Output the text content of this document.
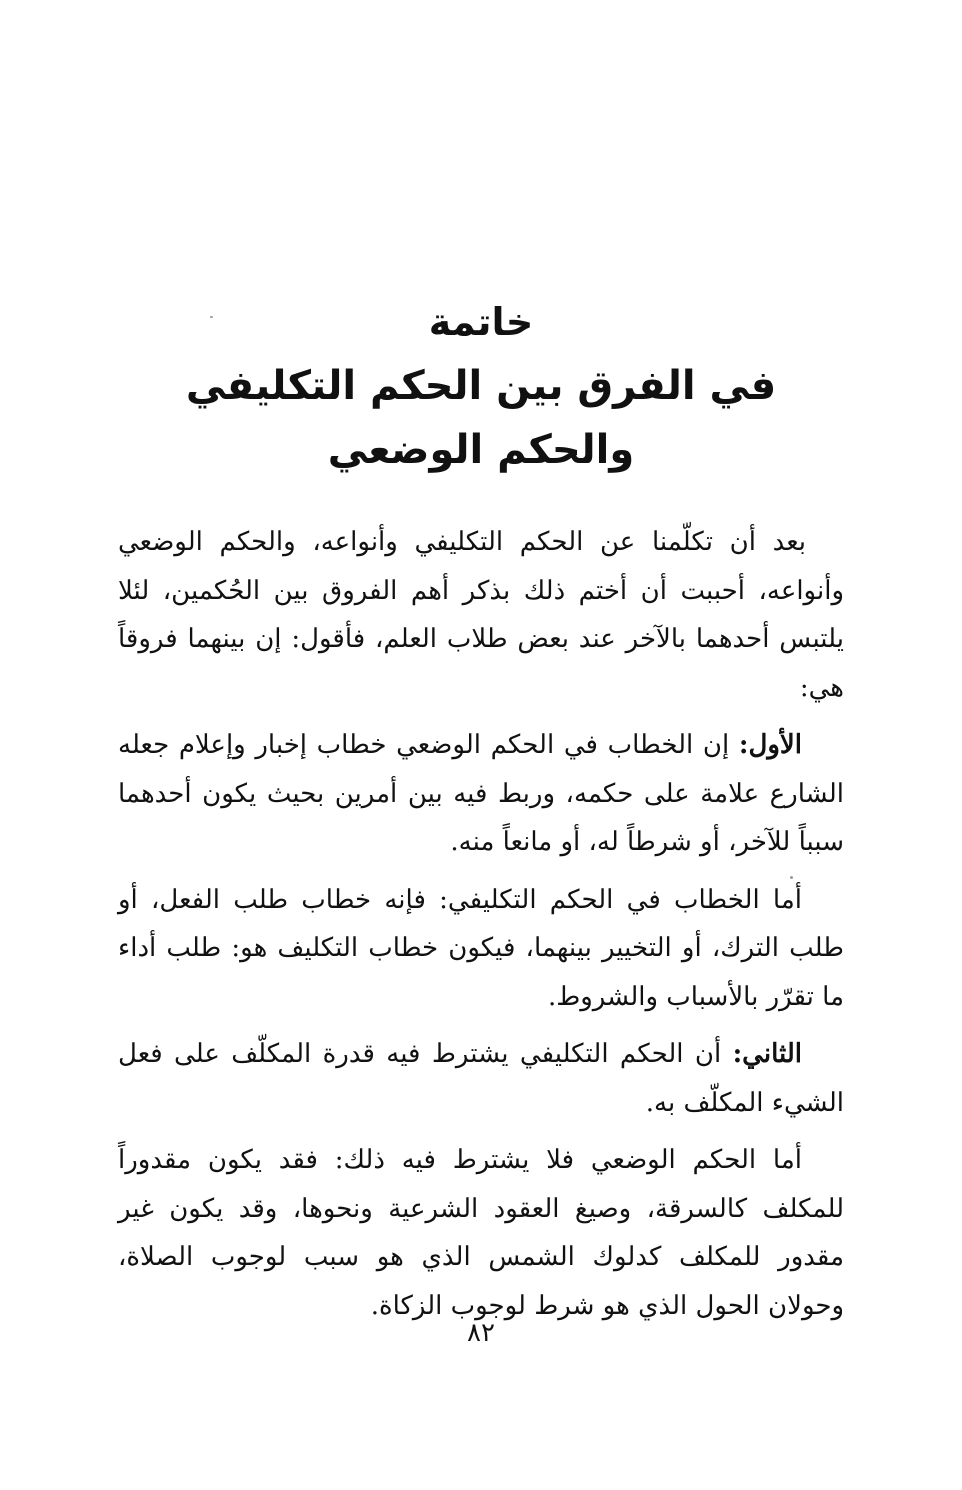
خاتمة
في الفرق بين الحكم التكليفي
والحكم الوضعي

بعد أن تكلّمنا عن الحكم التكليفي وأنواعه، والحكم الوضعي وأنواعه، أحببت أن أختم ذلك بذكر أهم الفروق بين الحُكمين، لئلا يلتبس أحدهما بالآخر عند بعض طلاب العلم، فأقول: إن بينهما فروقاً هي:

الأول: إن الخطاب في الحكم الوضعي خطاب إخبار وإعلام جعله الشارع علامة على حكمه، وربط فيه بين أمرين بحيث يكون أحدهما سبباً للآخر، أو شرطاً له، أو مانعاً منه.

أما الخطاب في الحكم التكليفي: فإنه خطاب طلب الفعل، أو طلب الترك، أو التخيير بينهما، فيكون خطاب التكليف هو: طلب أداء ما تقرّر بالأسباب والشروط.

الثاني: أن الحكم التكليفي يشترط فيه قدرة المكلّف على فعل الشيء المكلّف به.

أما الحكم الوضعي فلا يشترط فيه ذلك: فقد يكون مقدوراً للمكلف كالسرقة، وصيغ العقود الشرعية ونحوها، وقد يكون غير مقدور للمكلف كدلوك الشمس الذي هو سبب لوجوب الصلاة، وحولان الحول الذي هو شرط لوجوب الزكاة.

٨٢
